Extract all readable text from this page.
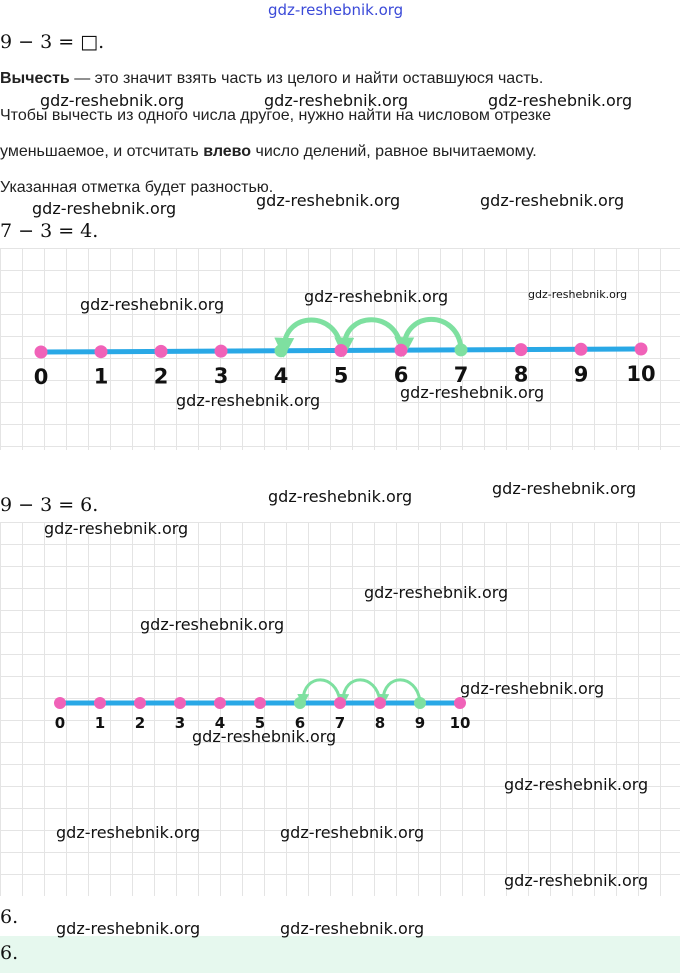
gdz-reshebnik.org
9 − 3 = □.
Вычесть — это значит взять часть из целого и найти оставшуюся часть.
Чтобы вычесть из одного числа другое, нужно найти на числовом отрезке
уменьшаемое, и отсчитать влево число делений, равное вычитаемому.
Указанная отметка будет разностью.
7 − 3 = 4.
0 1 2 3 4 5 6 7 8 9 10
9 − 3 = 6.
0 1 2 3 4 5 6 7 8 9 10
6.
6.
gdz-reshebnik.org	gdz-reshebnik.org	gdz-reshebnik.org
gdz-reshebnik.org	gdz-reshebnik.org	gdz-reshebnik.org
gdz-reshebnik.org	gdz-reshebnik.org	gdz-reshebnik.org
gdz-reshebnik.org	gdz-reshebnik.org
gdz-reshebnik.org	gdz-reshebnik.org
gdz-reshebnik.org
gdz-reshebnik.org
gdz-reshebnik.org
gdz-reshebnik.org
gdz-reshebnik.org
gdz-reshebnik.org
gdz-reshebnik.org	gdz-reshebnik.org
gdz-reshebnik.org
gdz-reshebnik.org	gdz-reshebnik.org
